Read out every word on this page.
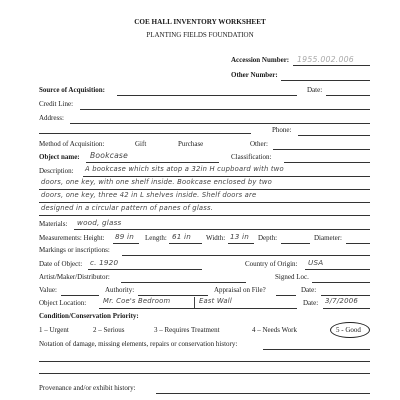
COE HALL INVENTORY WORKSHEET
PLANTING FIELDS FOUNDATION
Accession Number: 1955.002.006
Other Number:
Source of Acquisition:	Date:
Credit Line:
Address:
Phone:
Method of Acquisition:	Gift	Purchase	Other:
Object name: Bookcase	Classification:
Description: A bookcase which sits atop a 32in H cupboard with two
doors, one key, with one shelf inside. Bookcase enclosed by two
doors, one key, three 42 in L shelves inside. Shelf doors are
designed in a circular pattern of panes of glass.
Materials: wood, glass
Measurements: Height: 89 in Length: 61 in Width: 13 in Depth:	Diameter:
Markings or inscriptions:
Date of Object: c. 1920	Country of Origin: USA
Artist/Maker/Distributor:	Signed Loc.
Value:	Authority:	Appraisal on File?	Date:
Object Location: Mr. Coe's Bedroom	East Wall	Date: 3/7/2006
Condition/Conservation Priority:
1 – Urgent	2 – Serious	3 – Requires Treatment	4 – Needs Work	5 - Good
Notation of damage, missing elements, repairs or conservation history:
Provenance and/or exhibit history:
